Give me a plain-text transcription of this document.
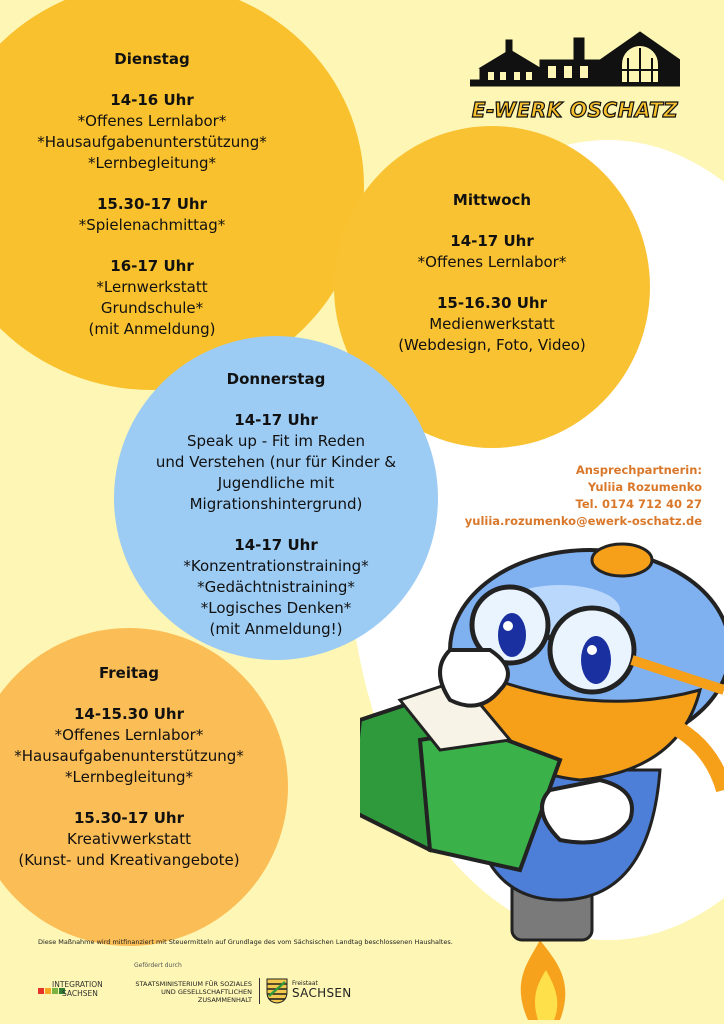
Dienstag
14-16 Uhr
*Offenes Lernlabor*
*Hausaufgabenunterstützung*
*Lernbegleitung*
15.30-17 Uhr
*Spielenachmittag*
16-17 Uhr
*Lernwerkstatt
Grundschule*
(mit Anmeldung)
Mittwoch
14-17 Uhr
*Offenes Lernlabor*
15-16.30 Uhr
Medienwerkstatt
(Webdesign, Foto, Video)
Donnerstag
14-17 Uhr
Speak up - Fit im Reden
und Verstehen (nur für Kinder &
Jugendliche mit
Migrationshintergrund)
14-17 Uhr
*Konzentrationstraining*
*Gedächtnistraining*
*Logisches Denken*
(mit Anmeldung!)
Freitag
14-15.30 Uhr
*Offenes Lernlabor*
*Hausaufgabenunterstützung*
*Lernbegleitung*
15.30-17 Uhr
Kreativwerkstatt
(Kunst- und Kreativangebote)
E-WERK OSCHATZ
Ansprechpartnerin:
Yuliia Rozumenko
Tel. 0174 712 40 27
yuliia.rozumenko@ewerk-oschatz.de
Diese Maßnahme wird mitfinanziert mit Steuermitteln auf Grundlage des vom Sächsischen Landtag beschlossenen Haushaltes.
Gefördert durch
INTEGRATION
SACHSEN
STAATSMINISTERIUM FÜR SOZIALES
UND GESELLSCHAFTLICHEN
ZUSAMMENHALT
Freistaat
SACHSEN
